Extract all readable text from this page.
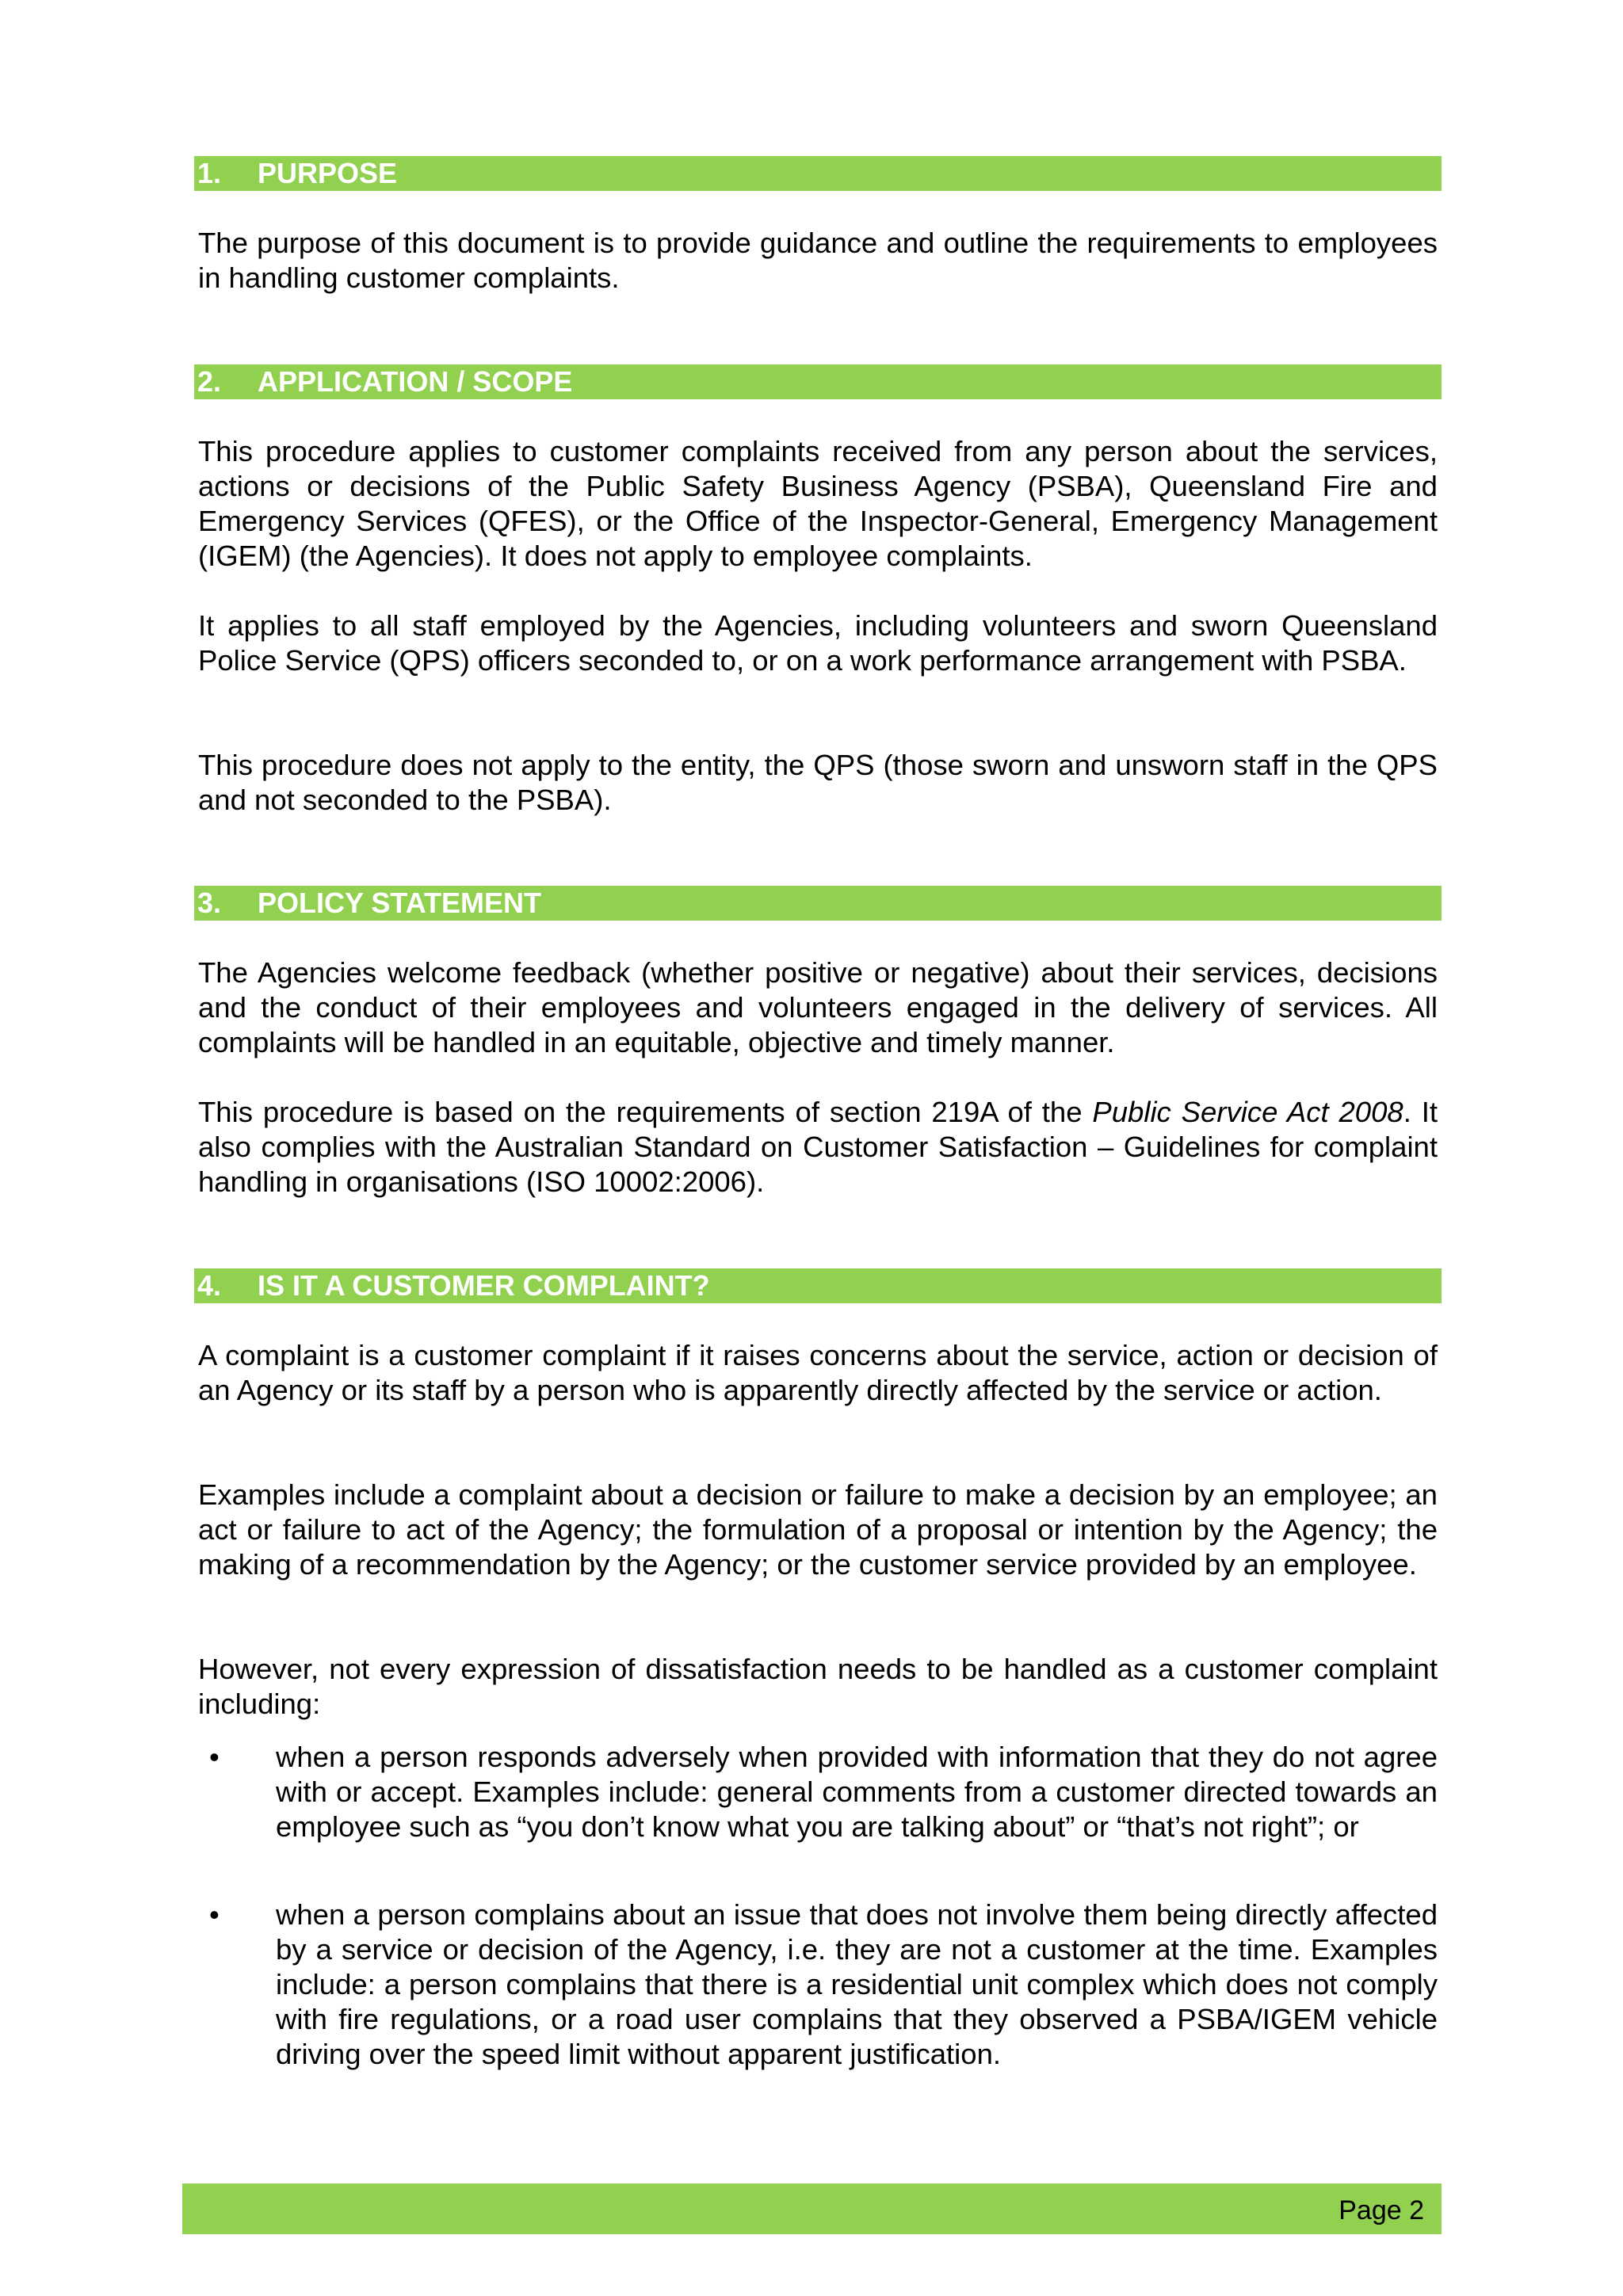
1. PURPOSE

The purpose of this document is to provide guidance and outline the requirements to employees in handling customer complaints.

2. APPLICATION / SCOPE

This procedure applies to customer complaints received from any person about the services, actions or decisions of the Public Safety Business Agency (PSBA), Queensland Fire and Emergency Services (QFES), or the Office of the Inspector-General, Emergency Management (IGEM) (the Agencies). It does not apply to employee complaints.

It applies to all staff employed by the Agencies, including volunteers and sworn Queensland Police Service (QPS) officers seconded to, or on a work performance arrangement with PSBA.

This procedure does not apply to the entity, the QPS (those sworn and unsworn staff in the QPS and not seconded to the PSBA).

3. POLICY STATEMENT

The Agencies welcome feedback (whether positive or negative) about their services, decisions and the conduct of their employees and volunteers engaged in the delivery of services. All complaints will be handled in an equitable, objective and timely manner.

This procedure is based on the requirements of section 219A of the Public Service Act 2008. It also complies with the Australian Standard on Customer Satisfaction – Guidelines for complaint handling in organisations (ISO 10002:2006).

4. IS IT A CUSTOMER COMPLAINT?

A complaint is a customer complaint if it raises concerns about the service, action or decision of an Agency or its staff by a person who is apparently directly affected by the service or action.

Examples include a complaint about a decision or failure to make a decision by an employee; an act or failure to act of the Agency; the formulation of a proposal or intention by the Agency; the making of a recommendation by the Agency; or the customer service provided by an employee.

However, not every expression of dissatisfaction needs to be handled as a customer complaint including:

• when a person responds adversely when provided with information that they do not agree with or accept. Examples include: general comments from a customer directed towards an employee such as “you don’t know what you are talking about” or “that’s not right”; or
• when a person complains about an issue that does not involve them being directly affected by a service or decision of the Agency, i.e. they are not a customer at the time. Examples include: a person complains that there is a residential unit complex which does not comply with fire regulations, or a road user complains that they observed a PSBA/IGEM vehicle driving over the speed limit without apparent justification.
Page 2
